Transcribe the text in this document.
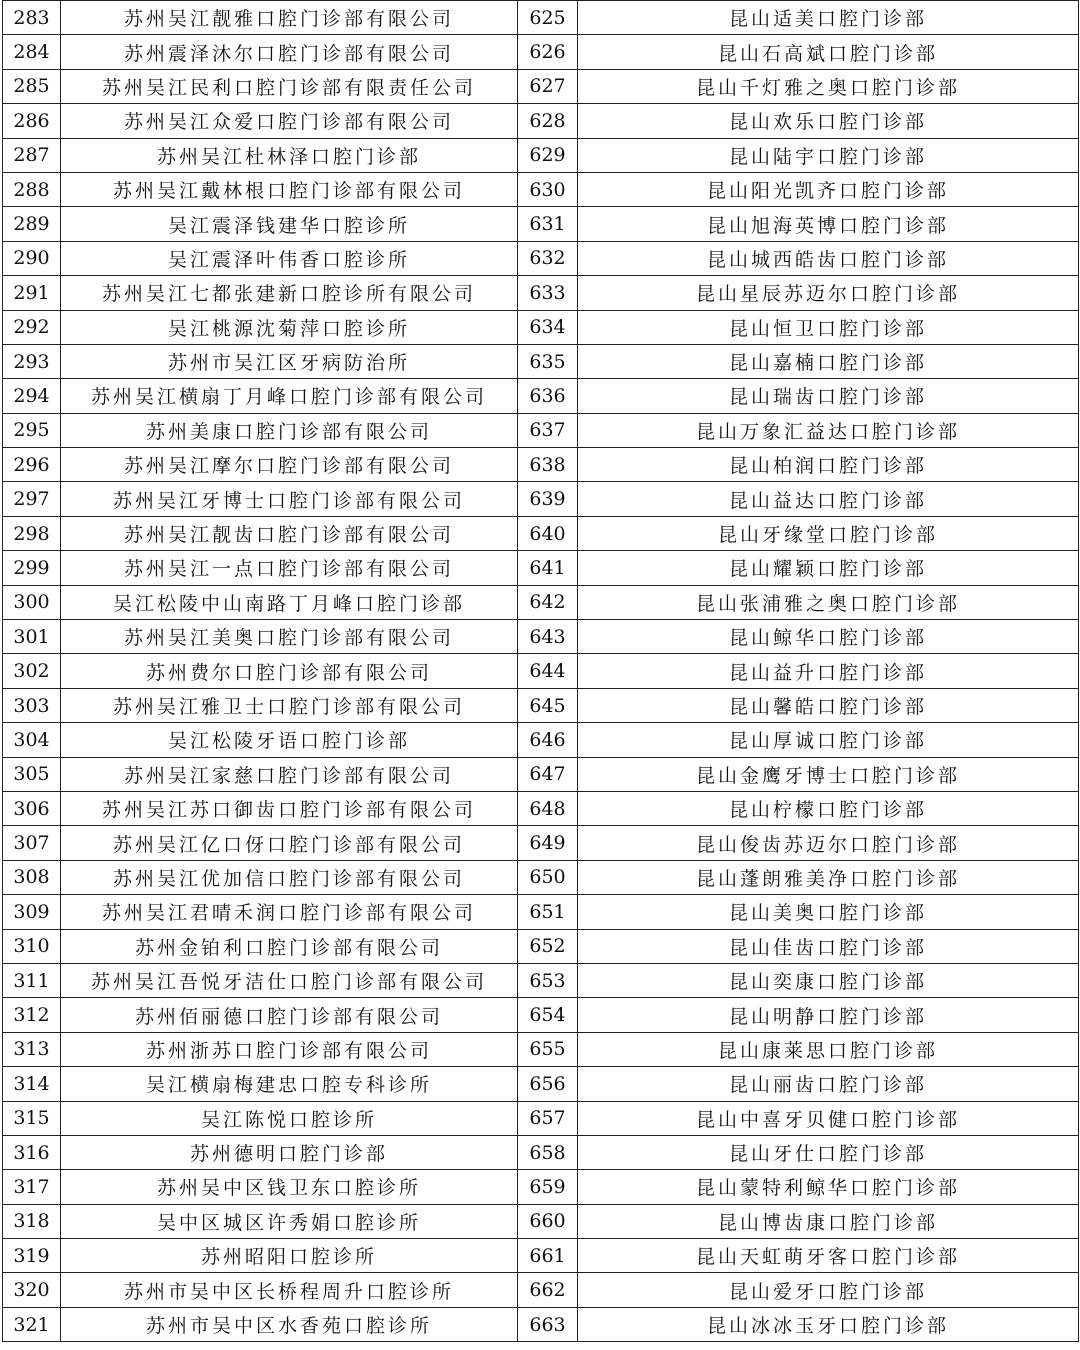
283	苏州吴江靓雅口腔门诊部有限公司	625	昆山适美口腔门诊部
284	苏州震泽沐尔口腔门诊部有限公司	626	昆山石高斌口腔门诊部
285	苏州吴江民利口腔门诊部有限责任公司	627	昆山千灯雅之奥口腔门诊部
286	苏州吴江众爱口腔门诊部有限公司	628	昆山欢乐口腔门诊部
287	苏州吴江杜林泽口腔门诊部	629	昆山陆宇口腔门诊部
288	苏州吴江戴林根口腔门诊部有限公司	630	昆山阳光凯齐口腔门诊部
289	吴江震泽钱建华口腔诊所	631	昆山旭海英博口腔门诊部
290	吴江震泽叶伟香口腔诊所	632	昆山城西皓齿口腔门诊部
291	苏州吴江七都张建新口腔诊所有限公司	633	昆山星辰苏迈尔口腔门诊部
292	吴江桃源沈菊萍口腔诊所	634	昆山恒卫口腔门诊部
293	苏州市吴江区牙病防治所	635	昆山嘉楠口腔门诊部
294	苏州吴江横扇丁月峰口腔门诊部有限公司	636	昆山瑞齿口腔门诊部
295	苏州美康口腔门诊部有限公司	637	昆山万象汇益达口腔门诊部
296	苏州吴江摩尔口腔门诊部有限公司	638	昆山柏润口腔门诊部
297	苏州吴江牙博士口腔门诊部有限公司	639	昆山益达口腔门诊部
298	苏州吴江靓齿口腔门诊部有限公司	640	昆山牙缘堂口腔门诊部
299	苏州吴江一点口腔门诊部有限公司	641	昆山耀颖口腔门诊部
300	吴江松陵中山南路丁月峰口腔门诊部	642	昆山张浦雅之奥口腔门诊部
301	苏州吴江美奥口腔门诊部有限公司	643	昆山鲸华口腔门诊部
302	苏州费尔口腔门诊部有限公司	644	昆山益升口腔门诊部
303	苏州吴江雅卫士口腔门诊部有限公司	645	昆山馨皓口腔门诊部
304	吴江松陵牙语口腔门诊部	646	昆山厚诚口腔门诊部
305	苏州吴江家慈口腔门诊部有限公司	647	昆山金鹰牙博士口腔门诊部
306	苏州吴江苏口御齿口腔门诊部有限公司	648	昆山柠檬口腔门诊部
307	苏州吴江亿口伢口腔门诊部有限公司	649	昆山俊齿苏迈尔口腔门诊部
308	苏州吴江优加信口腔门诊部有限公司	650	昆山蓬朗雅美净口腔门诊部
309	苏州吴江君晴禾润口腔门诊部有限公司	651	昆山美奥口腔门诊部
310	苏州金铂利口腔门诊部有限公司	652	昆山佳齿口腔门诊部
311	苏州吴江吾悦牙洁仕口腔门诊部有限公司	653	昆山奕康口腔门诊部
312	苏州佰丽德口腔门诊部有限公司	654	昆山明静口腔门诊部
313	苏州浙苏口腔门诊部有限公司	655	昆山康莱思口腔门诊部
314	吴江横扇梅建忠口腔专科诊所	656	昆山丽齿口腔门诊部
315	吴江陈悦口腔诊所	657	昆山中喜牙贝健口腔门诊部
316	苏州德明口腔门诊部	658	昆山牙仕口腔门诊部
317	苏州吴中区钱卫东口腔诊所	659	昆山蒙特利鲸华口腔门诊部
318	吴中区城区许秀娟口腔诊所	660	昆山博齿康口腔门诊部
319	苏州昭阳口腔诊所	661	昆山天虹萌牙客口腔门诊部
320	苏州市吴中区长桥程周升口腔诊所	662	昆山爱牙口腔门诊部
321	苏州市吴中区水香苑口腔诊所	663	昆山冰冰玉牙口腔门诊部
